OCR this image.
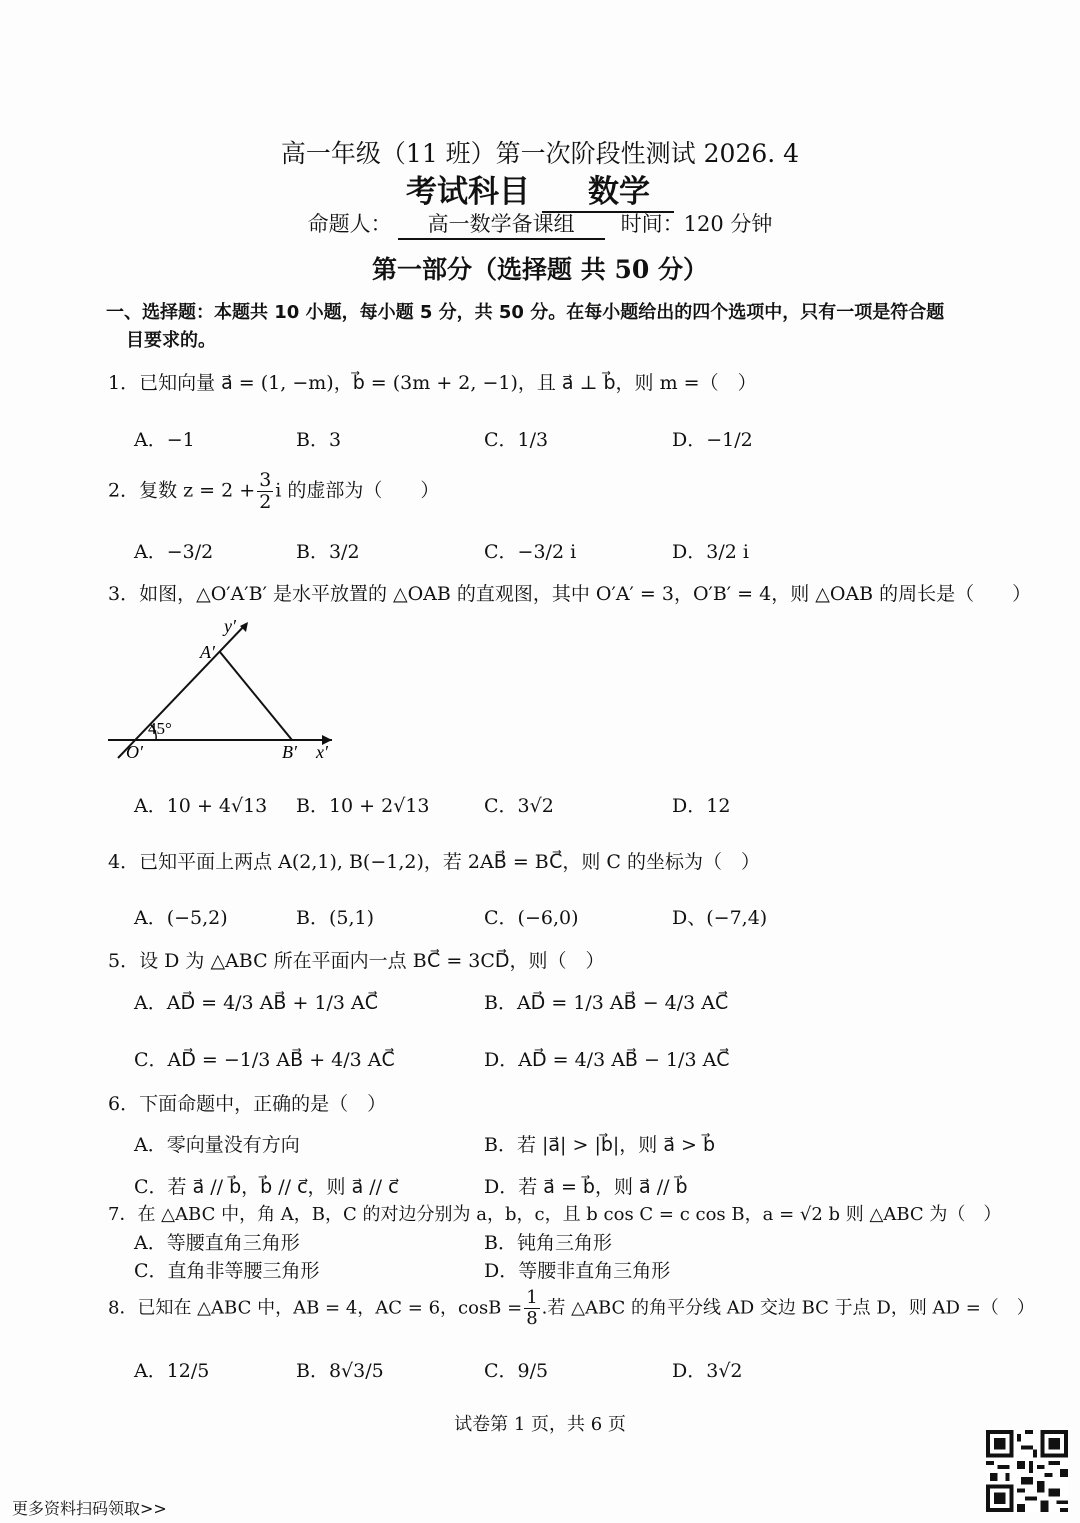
高一年级（11 班）第一次阶段性测试 2026. 4
考试科目 数学
命题人： 高一数学备课组 时间：120 分钟
第一部分（选择题 共 50 分）
一、选择题：本题共 10 小题，每小题 5 分，共 50 分。在每小题给出的四个选项中，只有一项是符合题
目要求的。
1．已知向量 a⃗ = (1, −m)，b⃗ = (3m + 2, −1)，且 a⃗ ⊥ b⃗，则 m =（　）
A．−1	B．3	C．1/3	D．−1/2
2．复数 $z = 2 + \frac{3}{2}$ i 的虚部为（　　）
A．−3/2	B．3/2	C．−3/2 i	D．3/2 i
3．如图，△O′A′B′ 是水平放置的 △OAB 的直观图，其中 O′A′ = 3，O′B′ = 4，则 △OAB 的周长是（　　）
y′
A′
45°
O′	B′ x′
A．10 + 4√13 B．10 + 2√13	C．3√2	D．12
4．已知平面上两点 A(2,1), B(−1,2)，若 2AB⃗ = BC⃗，则 C 的坐标为（　）
A．(−5,2)	B．(5,1)	C．(−6,0)	D、(−7,4)
5．设 D 为 △ABC 所在平面内一点 BC⃗ = 3CD⃗，则（　）
A．AD⃗ = 4/3 AB⃗ + 1/3 AC⃗	B．AD⃗ = 1/3 AB⃗ − 4/3 AC⃗
C．AD⃗ = −1/3 AB⃗ + 4/3 AC⃗	D．AD⃗ = 4/3 AB⃗ − 1/3 AC⃗
6．下面命题中，正确的是（　）
A．零向量没有方向	B．若 |a⃗| > |b⃗|，则 a⃗ > b⃗
C．若 a⃗ // b⃗，b⃗ // c⃗，则 a⃗ // c⃗	D．若 a⃗ = b⃗，则 a⃗ // b⃗
7．在 △ABC 中，角 A，B，C 的对边分别为 a，b，c，且 b cos C = c cos B，a = √2 b 则 △ABC 为（　）
A．等腰直角三角形	B．钝角三角形
C．直角非等腰三角形	D．等腰非直角三角形
8．已知在 △ABC 中，AB = 4，AC = 6，$\cos B = \frac{1}{8}$ .若 △ABC 的角平分线 AD 交边 BC 于点 D，则 AD =（　）
A．12/5	B．8√3/5	C．9/5	D．3√2
试卷第 1 页，共 6 页
更多资料扫码领取>>
